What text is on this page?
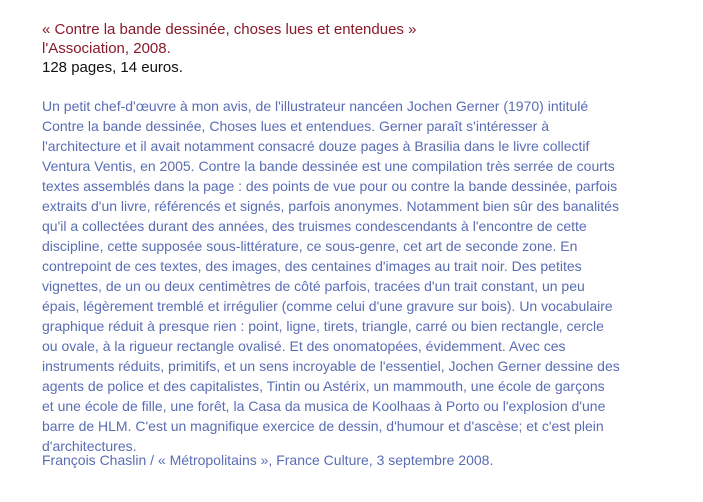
« Contre la bande dessinée, choses lues et entendues »
l'Association, 2008.
128 pages, 14 euros.
Un petit chef-d'œuvre à mon avis, de l'illustrateur nancéen Jochen Gerner (1970) intitulé
Contre la bande dessinée, Choses lues et entendues. Gerner paraît s'intéresser à
l'architecture et il avait notamment consacré douze pages à Brasilia dans le livre collectif
Ventura Ventis, en 2005. Contre la bande dessinée est une compilation très serrée de courts
textes assemblés dans la page : des points de vue pour ou contre la bande dessinée, parfois
extraits d'un livre, référencés et signés, parfois anonymes. Notamment bien sûr des banalités
qu'il a collectées durant des années, des truismes condescendants à l'encontre de cette
discipline, cette supposée sous-littérature, ce sous-genre, cet art de seconde zone. En
contrepoint de ces textes, des images, des centaines d'images au trait noir. Des petites
vignettes, de un ou deux centimètres de côté parfois, tracées d'un trait constant, un peu
épais, légèrement tremblé et irrégulier (comme celui d'une gravure sur bois). Un vocabulaire
graphique réduit à presque rien : point, ligne, tirets, triangle, carré ou bien rectangle, cercle
ou ovale, à la rigueur rectangle ovalisé. Et des onomatopées, évidemment. Avec ces
instruments réduits, primitifs, et un sens incroyable de l'essentiel, Jochen Gerner dessine des
agents de police et des capitalistes, Tintin ou Astérix, un mammouth, une école de garçons
et une école de fille, une forêt, la Casa da musica de Koolhaas à Porto ou l'explosion d'une
barre de HLM. C'est un magnifique exercice de dessin, d'humour et d'ascèse; et c'est plein
d'architectures.
François Chaslin / « Métropolitains », France Culture, 3 septembre 2008.
